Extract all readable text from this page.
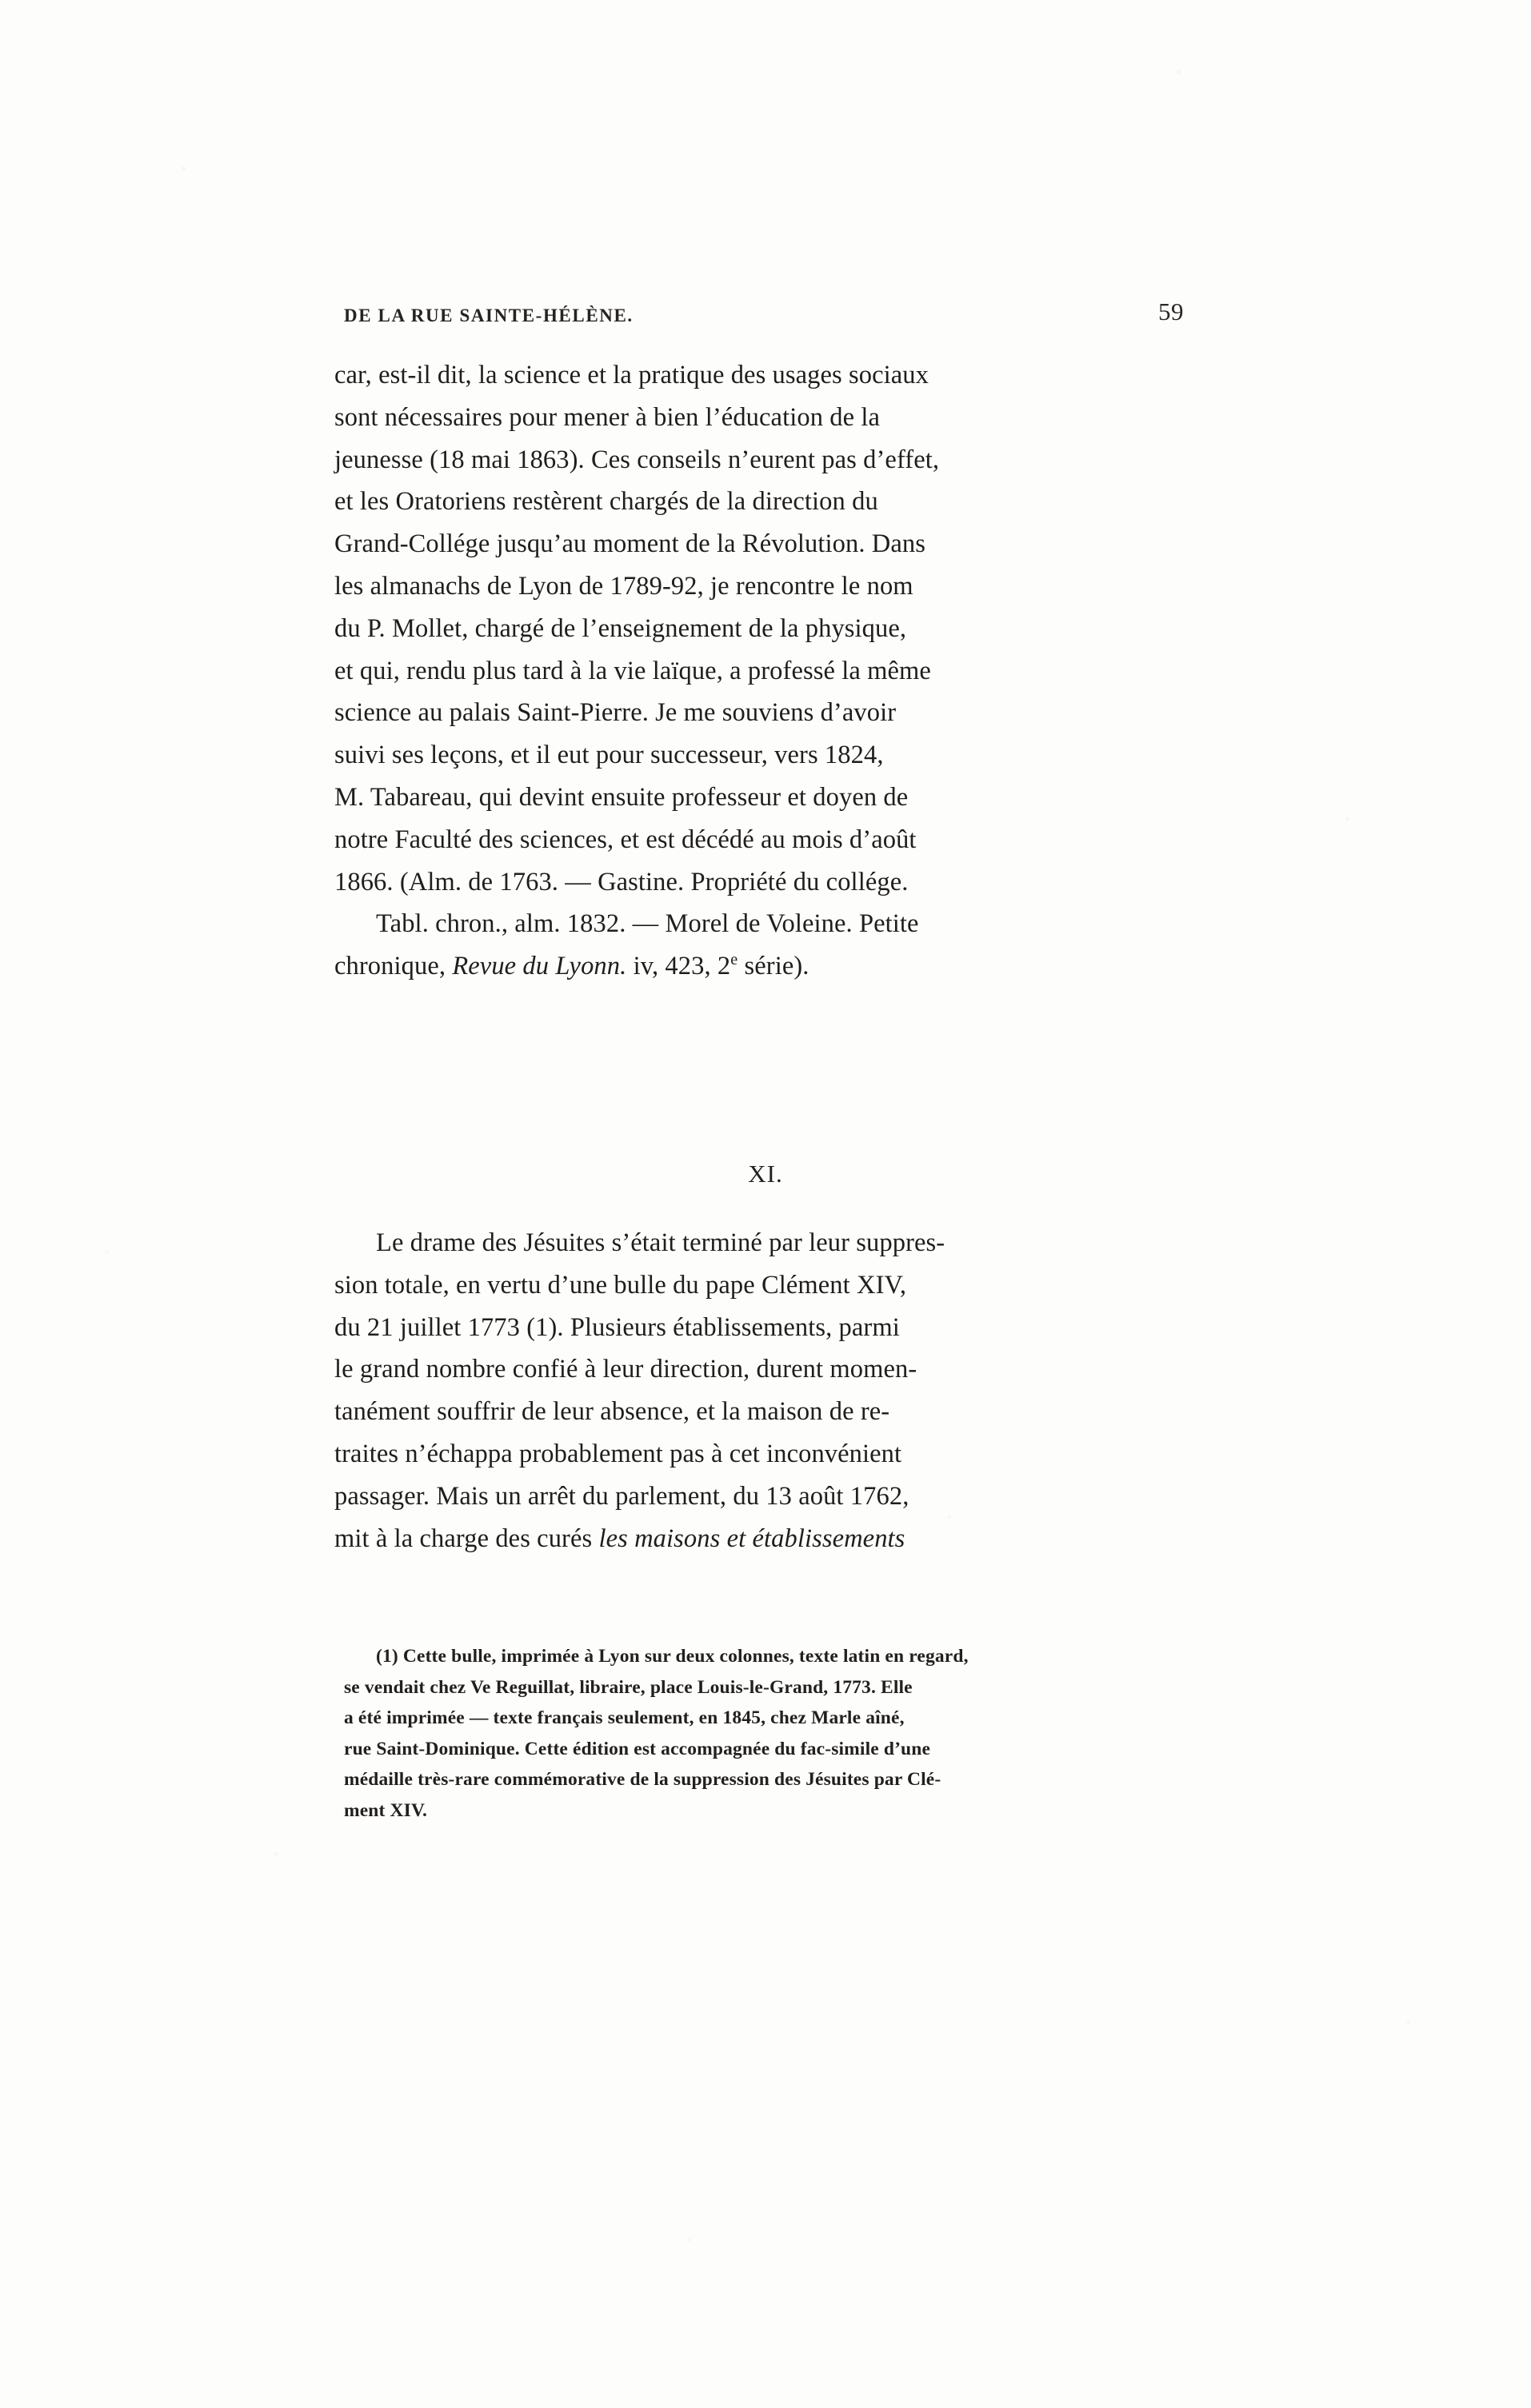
DE LA RUE SAINTE-HÉLÈNE.	59
car, est-il dit, la science et la pratique des usages sociaux
sont nécessaires pour mener à bien l’éducation de la
jeunesse (18 mai 1863). Ces conseils n’eurent pas d’effet,
et les Oratoriens restèrent chargés de la direction du
Grand-Collége jusqu’au moment de la Révolution. Dans
les almanachs de Lyon de 1789-92, je rencontre le nom
du P. Mollet, chargé de l’enseignement de la physique,
et qui, rendu plus tard à la vie laïque, a professé la même
science au palais Saint-Pierre. Je me souviens d’avoir
suivi ses leçons, et il eut pour successeur, vers 1824,
M. Tabareau, qui devint ensuite professeur et doyen de
notre Faculté des sciences, et est décédé au mois d’août
1866. (Alm. de 1763. — Gastine. Propriété du collége.
Tabl. chron., alm. 1832. — Morel de Voleine. Petite
chronique, Revue du Lyonn. iv, 423, 2e série).
XI.
Le drame des Jésuites s’était terminé par leur suppres-
sion totale, en vertu d’une bulle du pape Clément XIV,
du 21 juillet 1773 (1). Plusieurs établissements, parmi
le grand nombre confié à leur direction, durent momen-
tanément souffrir de leur absence, et la maison de re-
traites n’échappa probablement pas à cet inconvénient
passager. Mais un arrêt du parlement, du 13 août 1762,
mit à la charge des curés les maisons et établissements
(1) Cette bulle, imprimée à Lyon sur deux colonnes, texte latin en regard,
se vendait chez Ve Reguillat, libraire, place Louis-le-Grand, 1773. Elle
a été imprimée — texte français seulement, en 1845, chez Marle aîné,
rue Saint-Dominique. Cette édition est accompagnée du fac-simile d’une
médaille très-rare commémorative de la suppression des Jésuites par Clé-
ment XIV.
